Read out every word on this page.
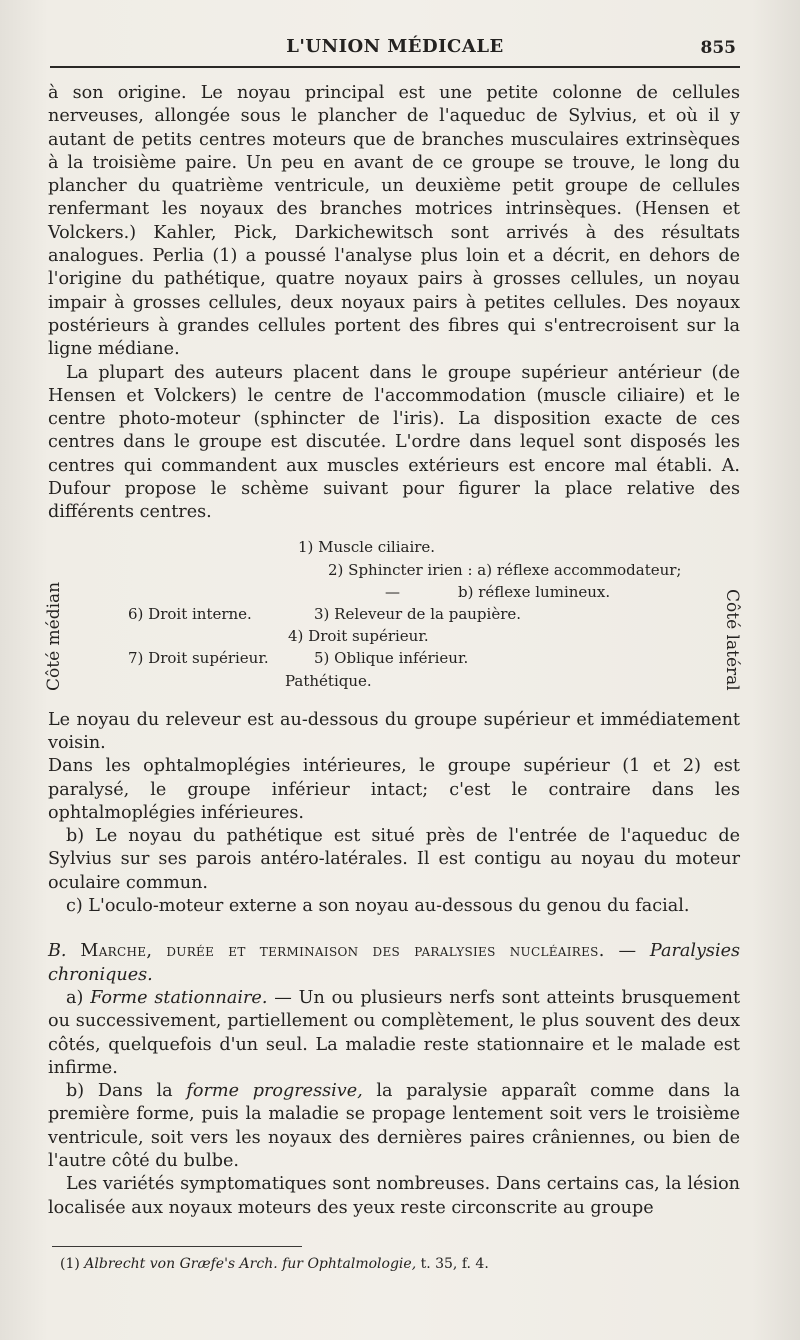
L'UNION MÉDICALE	855

à son origine. Le noyau principal est une petite colonne de cellules nerveuses, allongée sous le plancher de l'aqueduc de Sylvius, et où il y autant de petits centres moteurs que de branches musculaires extrinsèques à la troisième paire. Un peu en avant de ce groupe se trouve, le long du plancher du quatrième ventricule, un deuxième petit groupe de cellules renfermant les noyaux des branches motrices intrinsèques. (Hensen et Volckers.) Kahler, Pick, Darkichewitsch sont arrivés à des résultats analogues. Perlia (1) a poussé l'analyse plus loin et a décrit, en dehors de l'origine du pathétique, quatre noyaux pairs à grosses cellules, un noyau impair à grosses cellules, deux noyaux pairs à petites cellules. Des noyaux postérieurs à grandes cellules portent des fibres qui s'entrecroisent sur la ligne médiane.

La plupart des auteurs placent dans le groupe supérieur antérieur (de Hensen et Volckers) le centre de l'accommodation (muscle ciliaire) et le centre photo-moteur (sphincter de l'iris). La disposition exacte de ces centres dans le groupe est discutée. L'ordre dans lequel sont disposés les centres qui commandent aux muscles extérieurs est encore mal établi. A. Dufour propose le schème suivant pour figurer la place relative des différents centres.

Côté médian	Côté latéral
1) Muscle ciliaire.
2) Sphincter irien : a) réflexe accommodateur;
—	b) réflexe lumineux.
6) Droit interne.	3) Releveur de la paupière.
4) Droit supérieur.
7) Droit supérieur.	5) Oblique inférieur.
Pathétique.

Le noyau du releveur est au-dessous du groupe supérieur et immédiatement voisin.

Dans les ophtalmoplégies intérieures, le groupe supérieur (1 et 2) est paralysé, le groupe inférieur intact; c'est le contraire dans les ophtalmoplégies inférieures.

b) Le noyau du pathétique est situé près de l'entrée de l'aqueduc de Sylvius sur ses parois antéro-latérales. Il est contigu au noyau du moteur oculaire commun.

c) L'oculo-moteur externe a son noyau au-dessous du genou du facial.

B. Marche, durée et terminaison des paralysies nucléaires. — Paralysies chroniques.

a) Forme stationnaire. — Un ou plusieurs nerfs sont atteints brusquement ou successivement, partiellement ou complètement, le plus souvent des deux côtés, quelquefois d'un seul. La maladie reste stationnaire et le malade est infirme.

b) Dans la forme progressive, la paralysie apparaît comme dans la première forme, puis la maladie se propage lentement soit vers le troisième ventricule, soit vers les noyaux des dernières paires crâniennes, ou bien de l'autre côté du bulbe.

Les variétés symptomatiques sont nombreuses. Dans certains cas, la lésion localisée aux noyaux moteurs des yeux reste circonscrite au groupe

(1) Albrecht von Græfe's Arch. fur Ophtalmologie, t. 35, f. 4.
